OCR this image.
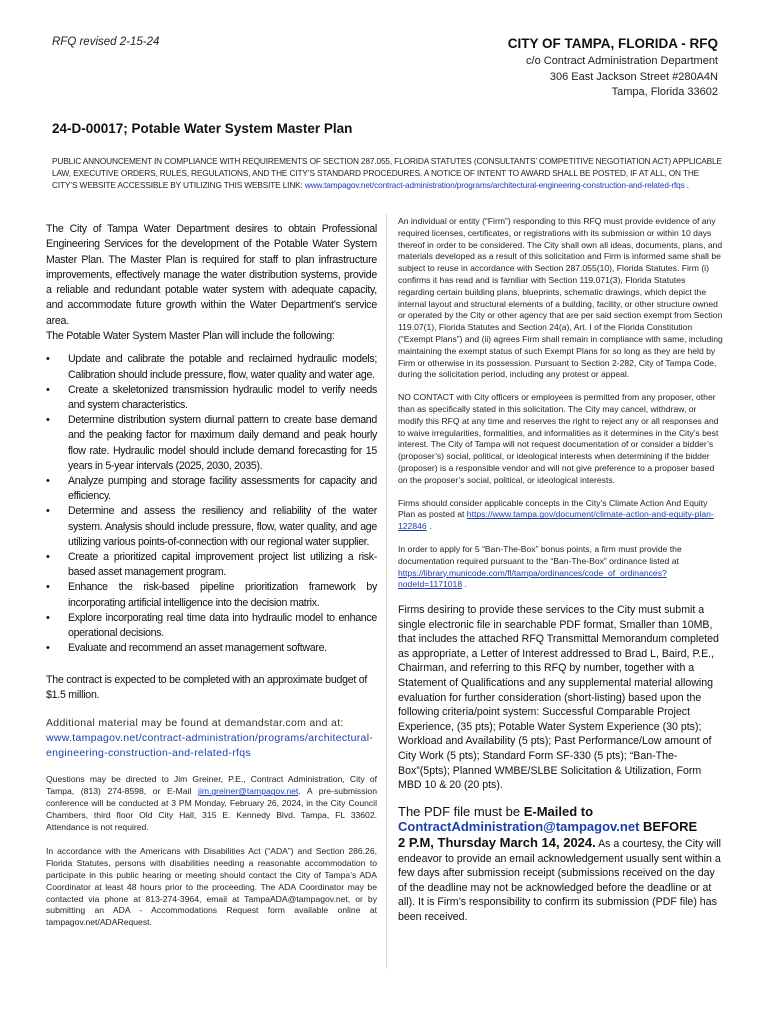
RFQ revised 2-15-24	CITY OF TAMPA, FLORIDA - RFQ
c/o Contract Administration Department
306 East Jackson Street #280A4N
Tampa, Florida 33602
24-D-00017; Potable Water System Master Plan
PUBLIC ANNOUNCEMENT IN COMPLIANCE WITH REQUIREMENTS OF SECTION 287.055, FLORIDA STATUTES (CONSULTANTS’ COMPETITIVE NEGOTIATION ACT) APPLICABLE LAW, EXECUTIVE ORDERS, RULES, REGULATIONS, AND THE CITY’S STANDARD PROCEDURES. A NOTICE OF INTENT TO AWARD SHALL BE POSTED, IF AT ALL, ON THE CITY’S WEBSITE ACCESSIBLE BY UTILIZING THIS WEBSITE LINK: www.tampagov.net/contract-administration/programs/architectural-engineering-construction-and-related-rfqs .
The City of Tampa Water Department desires to obtain Professional Engineering Services for the development of the Potable Water System Master Plan. The Master Plan is required for staff to plan infrastructure improvements, effectively manage the water distribution systems, provide a reliable and redundant potable water system with adequate capacity, and accommodate future growth within the Water Department’s service area.
The Potable Water System Master Plan will include the following:
• Update and calibrate the potable and reclaimed hydraulic models; Calibration should include pressure, flow, water quality and water age.
• Create a skeletonized transmission hydraulic model to verify needs and system characteristics.
• Determine distribution system diurnal pattern to create base demand and the peaking factor for maximum daily demand and peak hourly flow rate. Hydraulic model should include demand forecasting for 15 years in 5-year intervals (2025, 2030, 2035).
• Analyze pumping and storage facility assessments for capacity and efficiency.
• Determine and assess the resiliency and reliability of the water system. Analysis should include pressure, flow, water quality, and age utilizing various points-of-connection with our regional water supplier.
• Create a prioritized capital improvement project list utilizing a risk-based asset management program.
• Enhance the risk-based pipeline prioritization framework by incorporating artificial intelligence into the decision matrix.
• Explore incorporating real time data into hydraulic model to enhance operational decisions.
• Evaluate and recommend an asset management software.
The contract is expected to be completed with an approximate budget of $1.5 million.
Additional material may be found at demandstar.com and at:
www.tampagov.net/contract-administration/programs/architectural-engineering-construction-and-related-rfqs
Questions may be directed to Jim Greiner, P.E., Contract Administration, City of Tampa, (813) 274-8598, or E-Mail jim.greiner@tampagov.net. A pre-submission conference will be conducted at 3 PM Monday, February 26, 2024, in the City Council Chambers, third floor Old City Hall, 315 E. Kennedy Blvd. Tampa, FL 33602. Attendance is not required.
In accordance with the Americans with Disabilities Act (“ADA”) and Section 286.26, Florida Statutes, persons with disabilities needing a reasonable accommodation to participate in this public hearing or meeting should contact the City of Tampa’s ADA Coordinator at least 48 hours prior to the proceeding. The ADA Coordinator may be contacted via phone at 813-274-3964, email at TampaADA@tampagov.net, or by submitting an ADA - Accommodations Request form available online at tampagov.net/ADARequest.
An individual or entity (“Firm”) responding to this RFQ must provide evidence of any required licenses, certificates, or registrations with its submission or within 10 days thereof in order to be considered. The City shall own all ideas, documents, plans, and materials developed as a result of this solicitation and Firm is informed same shall be subject to reuse in accordance with Section 287.055(10), Florida Statutes. Firm (i) confirms it has read and is familiar with Section 119.071(3), Florida Statutes regarding certain building plans, blueprints, schematic drawings, which depict the internal layout and structural elements of a building, facility, or other structure owned or operated by the City or other agency that are per said section exempt from Section 119.07(1), Florida Statutes and Section 24(a), Art. I of the Florida Constitution (“Exempt Plans”) and (ii) agrees Firm shall remain in compliance with same, including maintaining the exempt status of such Exempt Plans for so long as they are held by Firm or otherwise in its possession. Pursuant to Section 2-282, City of Tampa Code, during the solicitation period, including any protest or appeal.
NO CONTACT with City officers or employees is permitted from any proposer, other than as specifically stated in this solicitation. The City may cancel, withdraw, or modify this RFQ at any time and reserves the right to reject any or all responses and to waive irregularities, formalities, and informalities as it determines in the City’s best interest. The City of Tampa will not request documentation of or consider a bidder’s (proposer’s) social, political, or ideological interests when determining if the bidder (proposer) is a responsible vendor and will not give preference to a proposer based on the proposer’s social, political, or ideological interests.
Firms should consider applicable concepts in the City’s Climate Action And Equity Plan as posted at https://www.tampa.gov/document/climate-action-and-equity-plan-122846 .
In order to apply for 5 “Ban-The-Box” bonus points, a firm must provide the documentation required pursuant to the “Ban-The-Box” ordinance listed at https://library.municode.com/fl/tampa/ordinances/code_of_ordinances?nodeId=1171018 .
Firms desiring to provide these services to the City must submit a single electronic file in searchable PDF format, Smaller than 10MB, that includes the attached RFQ Transmittal Memorandum completed as appropriate, a Letter of Interest addressed to Brad L, Baird, P.E., Chairman, and referring to this RFQ by number, together with a Statement of Qualifications and any supplemental material allowing evaluation for further consideration (short-listing) based upon the following criteria/point system: Successful Comparable Project Experience, (35 pts); Potable Water System Experience (30 pts); Workload and Availability (5 pts); Past Performance/Low amount of City Work (5 pts); Standard Form SF-330 (5 pts); “Ban-The-Box”(5pts); Planned WMBE/SLBE Solicitation & Utilization, Form MBD 10 & 20 (20 pts).
The PDF file must be E-Mailed to
ContractAdministration@tampagov.net BEFORE
2 P.M, Thursday March 14, 2024. As a courtesy, the City will endeavor to provide an email acknowledgement usually sent within a few days after submission receipt (submissions received on the day of the deadline may not be acknowledged before the deadline or at all). It is Firm’s responsibility to confirm its submission (PDF file) has been received.
